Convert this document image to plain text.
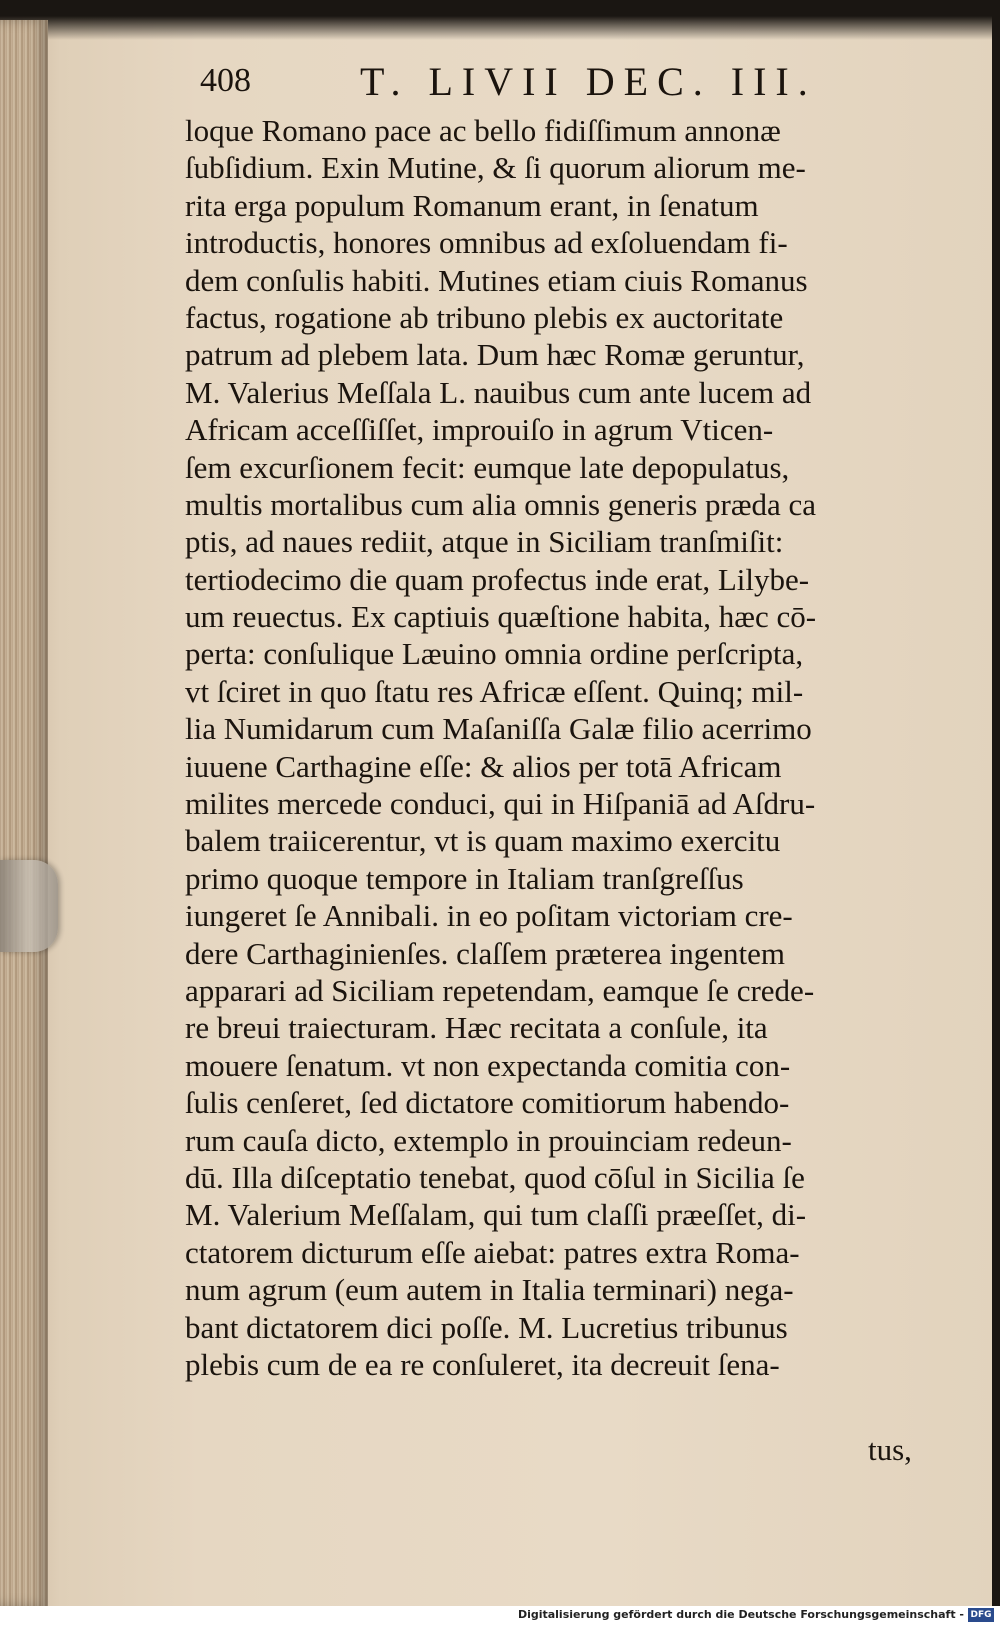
408	T. LIVII DEC. III.
loque Romano pace ac bello fidiſſimum annonæ
ſubſidium. Exin Mutine, & ſi quorum aliorum me-
rita erga populum Romanum erant, in ſenatum
introductis, honores omnibus ad exſoluendam fi-
dem conſulis habiti. Mutines etiam ciuis Romanus
factus, rogatione ab tribuno plebis ex auctoritate
patrum ad plebem lata. Dum hæc Romæ geruntur,
M. Valerius Meſſala L. nauibus cum ante lucem ad
Africam acceſſiſſet, improuiſo in agrum Vticen-
ſem excurſionem fecit: eumque late depopulatus,
multis mortalibus cum alia omnis generis præda ca
ptis, ad naues rediit, atque in Siciliam tranſmiſit:
tertiodecimo die quam profectus inde erat, Lilybe-
um reuectus. Ex captiuis quæſtione habita, hæc cō-
perta: conſulique Læuino omnia ordine perſcripta,
vt ſciret in quo ſtatu res Africæ eſſent. Quinq; mil-
lia Numidarum cum Maſaniſſa Galæ filio acerrimo
iuuene Carthagine eſſe: & alios per totā Africam
milites mercede conduci, qui in Hiſpaniā ad Aſdru-
balem traiicerentur, vt is quam maximo exercitu
primo quoque tempore in Italiam tranſgreſſus
iungeret ſe Annibali. in eo poſitam victoriam cre-
dere Carthaginienſes. claſſem præterea ingentem
apparari ad Siciliam repetendam, eamque ſe crede-
re breui traiecturam. Hæc recitata a conſule, ita
mouere ſenatum. vt non expectanda comitia con-
ſulis cenſeret, ſed dictatore comitiorum habendo-
rum cauſa dicto, extemplo in prouinciam redeun-
dū. Illa diſceptatio tenebat, quod cōſul in Sicilia ſe
M. Valerium Meſſalam, qui tum claſſi præeſſet, di-
ctatorem dicturum eſſe aiebat: patres extra Roma-
num agrum (eum autem in Italia terminari) nega-
bant dictatorem dici poſſe. M. Lucretius tribunus
plebis cum de ea re conſuleret, ita decreuit ſena-
tus,
Digitalisierung gefördert durch die Deutsche Forschungsgemeinschaft - DFG
